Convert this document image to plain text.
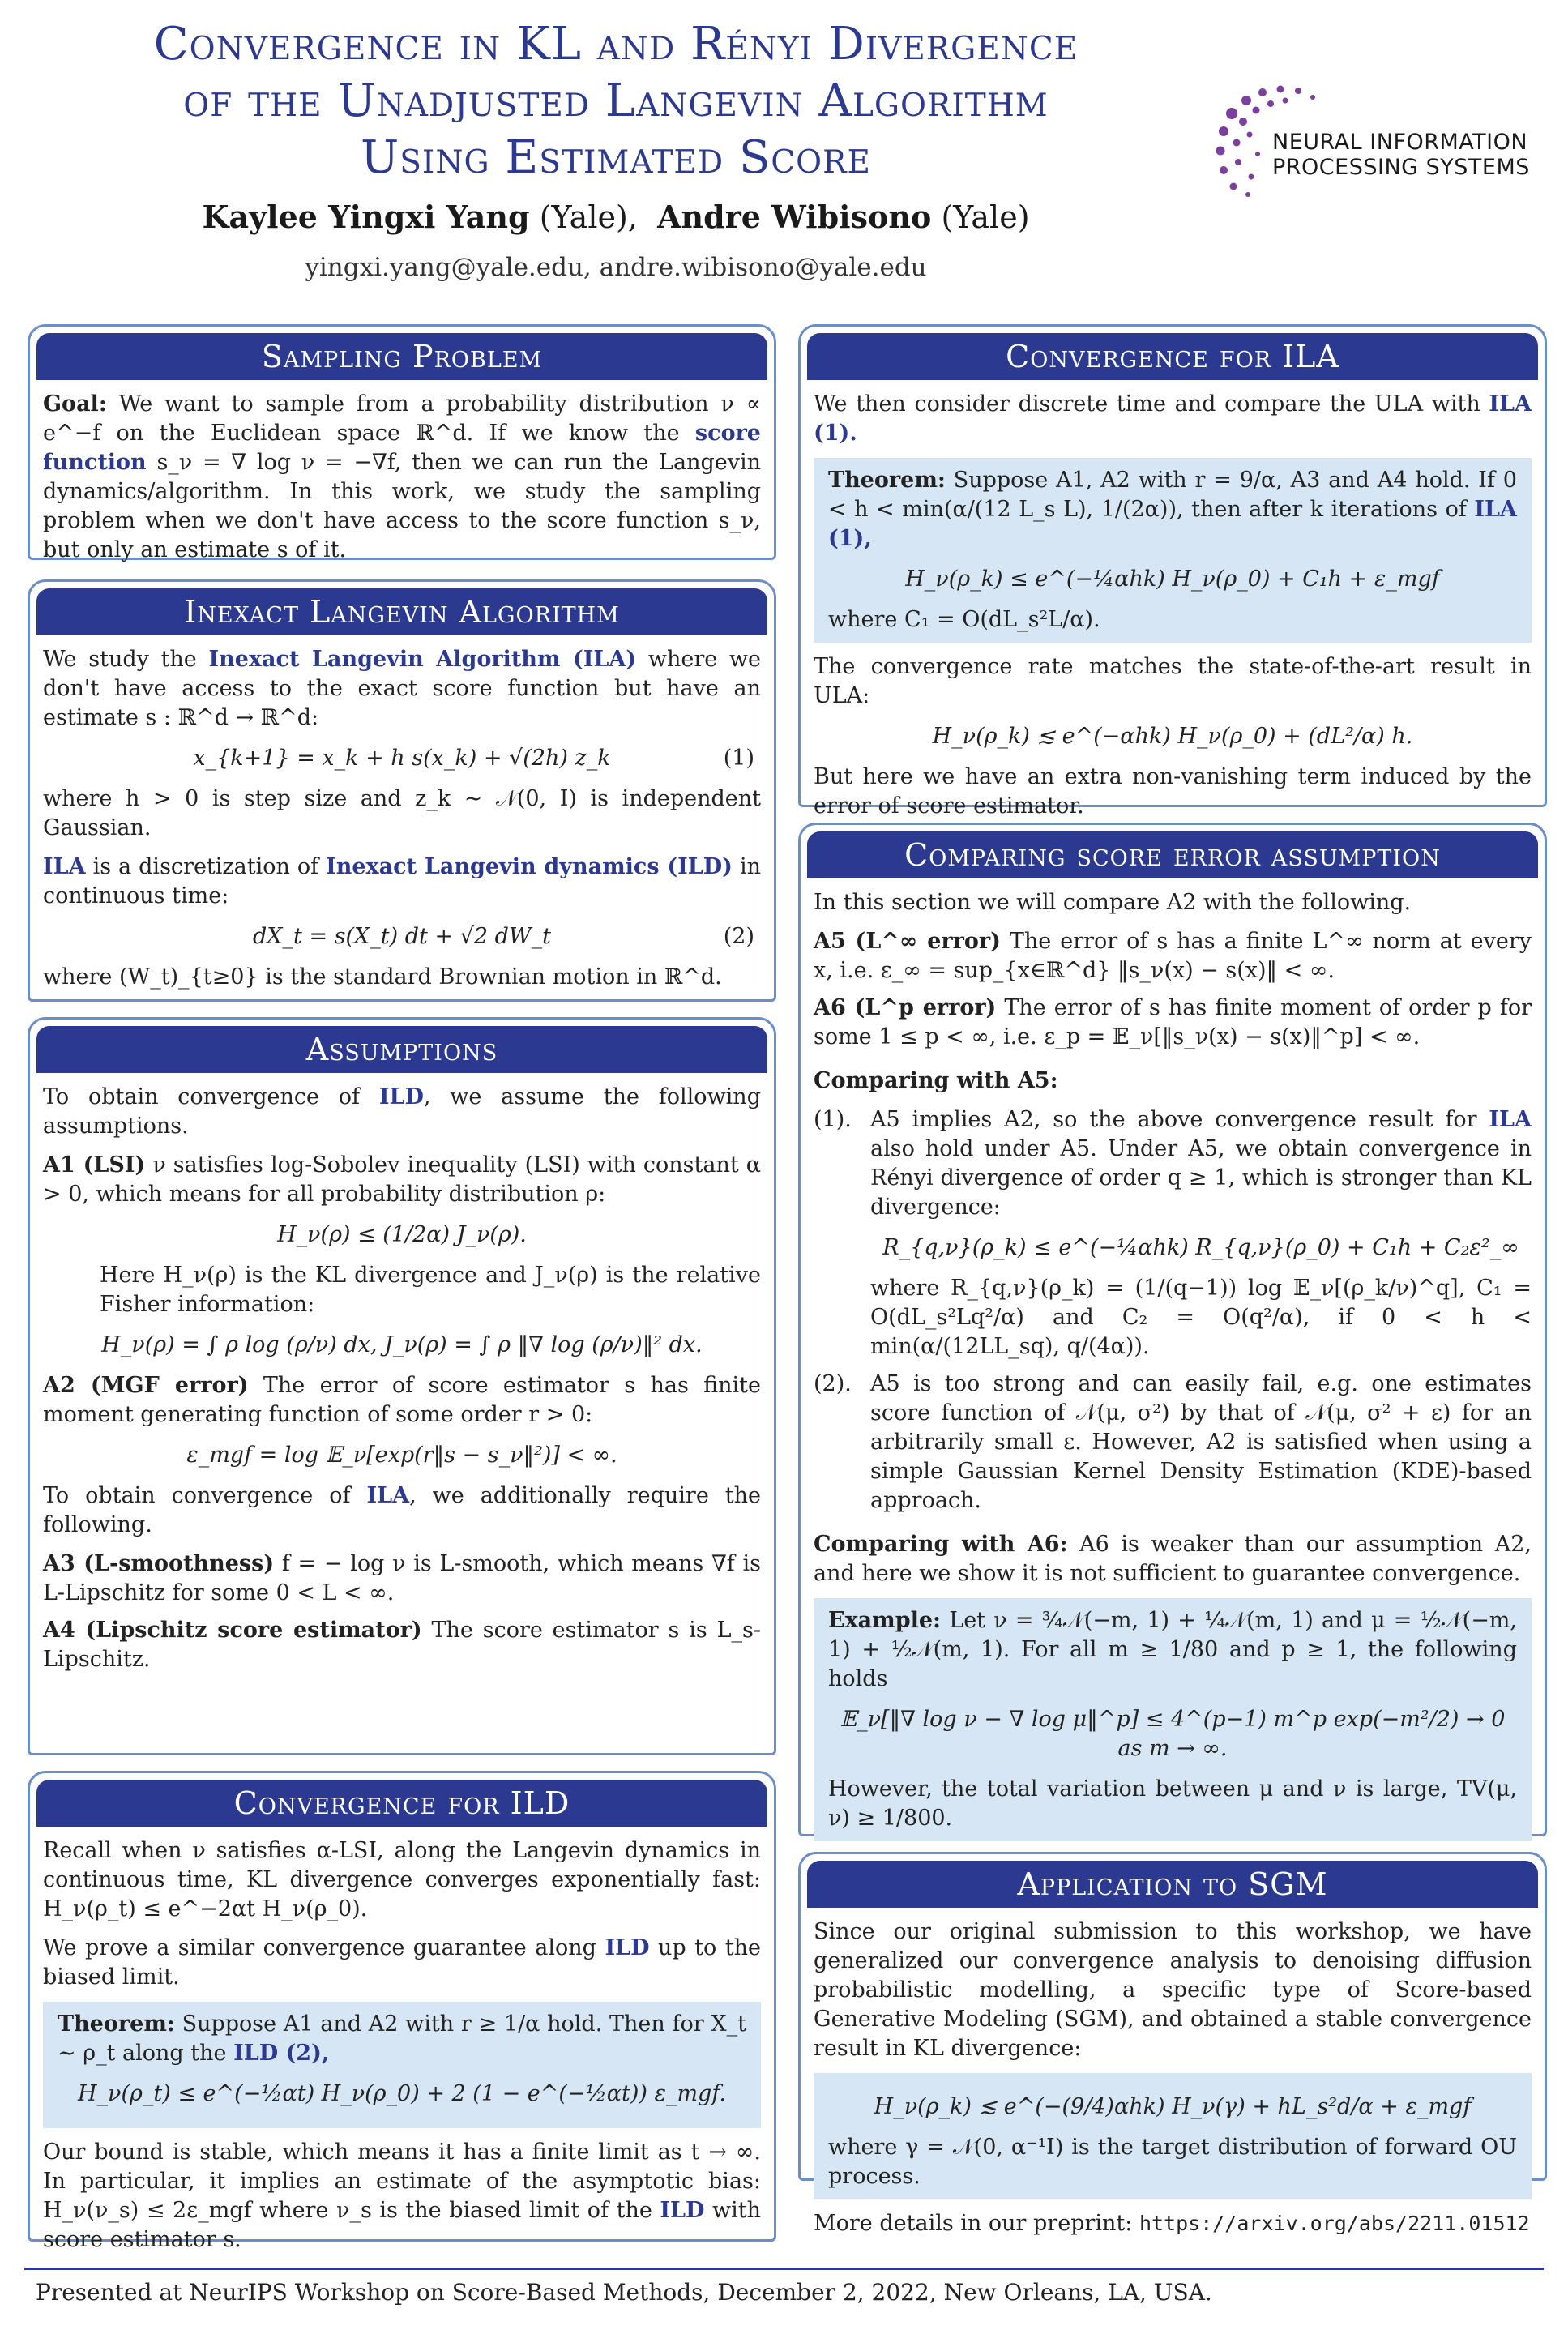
Convergence in KL and Rényi Divergence
of the Unadjusted Langevin Algorithm
Using Estimated Score
Kaylee Yingxi Yang (Yale), Andre Wibisono (Yale)
yingxi.yang@yale.edu, andre.wibisono@yale.edu
NEURAL INFORMATION
PROCESSING SYSTEMS
Sampling Problem

Goal: We want to sample from a probability distribution ν ∝ e^−f on the Euclidean space ℝ^d. If we know the score function s_ν = ∇ log ν = −∇f, then we can run the Langevin dynamics/algorithm. In this work, we study the sampling problem when we don't have access to the score function s_ν, but only an estimate s of it.

Inexact Langevin Algorithm

We study the Inexact Langevin Algorithm (ILA) where we don't have access to the exact score function but have an estimate s : ℝ^d → ℝ^d:

x_{k+1} = x_k + h s(x_k) + √(2h) z_k	(1)

where h > 0 is step size and z_k ∼ 𝒩(0, I) is independent Gaussian.

ILA is a discretization of Inexact Langevin dynamics (ILD) in continuous time:

dX_t = s(X_t) dt + √2 dW_t	(2)

where (W_t)_{t≥0} is the standard Brownian motion in ℝ^d.

Assumptions

To obtain convergence of ILD, we assume the following assumptions.

A1 (LSI) ν satisfies log-Sobolev inequality (LSI) with constant α > 0, which means for all probability distribution ρ:
H_ν(ρ) ≤ (1/2α) J_ν(ρ).
Here H_ν(ρ) is the KL divergence and J_ν(ρ) is the relative Fisher information:
H_ν(ρ) = ∫ ρ log (ρ/ν) dx, J_ν(ρ) = ∫ ρ ‖∇ log (ρ/ν)‖² dx.
A2 (MGF error) The error of score estimator s has finite moment generating function of some order r > 0:
ε_mgf = log 𝔼_ν[exp(r‖s − s_ν‖²)] < ∞.

To obtain convergence of ILA, we additionally require the following.

A3 (L-smoothness) f = − log ν is L-smooth, which means ∇f is L-Lipschitz for some 0 < L < ∞.
A4 (Lipschitz score estimator) The score estimator s is L_s-Lipschitz.
Convergence for ILD

Recall when ν satisfies α-LSI, along the Langevin dynamics in continuous time, KL divergence converges exponentially fast: H_ν(ρ_t) ≤ e^−2αt H_ν(ρ_0).

We prove a similar convergence guarantee along ILD up to the biased limit.

Theorem: Suppose A1 and A2 with r ≥ 1/α hold. Then for X_t ∼ ρ_t along the ILD (2),
H_ν(ρ_t) ≤ e^(−½αt) H_ν(ρ_0) + 2 (1 − e^(−½αt)) ε_mgf.

Our bound is stable, which means it has a finite limit as t → ∞. In particular, it implies an estimate of the asymptotic bias: H_ν(ν_s) ≤ 2ε_mgf where ν_s is the biased limit of the ILD with score estimator s.

Convergence for ILA

We then consider discrete time and compare the ULA with ILA (1).

Theorem: Suppose A1, A2 with r = 9/α, A3 and A4 hold. If 0 < h < min(α/(12 L_s L), 1/(2α)), then after k iterations of ILA (1),
H_ν(ρ_k) ≤ e^(−¼αhk) H_ν(ρ_0) + C₁h + ε_mgf
where C₁ = O(dL_s²L/α).

The convergence rate matches the state-of-the-art result in ULA:

H_ν(ρ_k) ≲ e^(−αhk) H_ν(ρ_0) + (dL²/α) h.

But here we have an extra non-vanishing term induced by the error of score estimator.

Comparing score error assumption

In this section we will compare A2 with the following.

A5 (L^∞ error) The error of s has a finite L^∞ norm at every x, i.e. ε_∞ = sup_{x∈ℝ^d} ‖s_ν(x) − s(x)‖ < ∞.
A6 (L^p error) The error of s has finite moment of order p for some 1 ≤ p < ∞, i.e. ε_p = 𝔼_ν[‖s_ν(x) − s(x)‖^p] < ∞.

Comparing with A5:

(1). A5 implies A2, so the above convergence result for ILA also hold under A5. Under A5, we obtain convergence in Rényi divergence of order q ≥ 1, which is stronger than KL divergence:
R_{q,ν}(ρ_k) ≤ e^(−¼αhk) R_{q,ν}(ρ_0) + C₁h + C₂ε²_∞
where R_{q,ν}(ρ_k) = (1/(q−1)) log 𝔼_ν[(ρ_k/ν)^q], C₁ = O(dL_s²Lq²/α) and C₂ = O(q²/α), if 0 < h < min(α/(12LL_sq), q/(4α)).
(2). A5 is too strong and can easily fail, e.g. one estimates score function of 𝒩(μ, σ²) by that of 𝒩(μ, σ² + ε) for an arbitrarily small ε. However, A2 is satisfied when using a simple Gaussian Kernel Density Estimation (KDE)-based approach.

Comparing with A6: A6 is weaker than our assumption A2, and here we show it is not sufficient to guarantee convergence.

Example: Let ν = ¾𝒩(−m, 1) + ¼𝒩(m, 1) and μ = ½𝒩(−m, 1) + ½𝒩(m, 1). For all m ≥ 1/80 and p ≥ 1, the following holds
𝔼_ν[‖∇ log ν − ∇ log μ‖^p] ≤ 4^(p−1) m^p exp(−m²/2) → 0 as m → ∞.
However, the total variation between μ and ν is large, TV(μ, ν) ≥ 1/800.
Application to SGM

Since our original submission to this workshop, we have generalized our convergence analysis to denoising diffusion probabilistic modelling, a specific type of Score-based Generative Modeling (SGM), and obtained a stable convergence result in KL divergence:

H_ν(ρ_k) ≲ e^(−(9/4)αhk) H_ν(γ) + hL_s²d/α + ε_mgf
where γ = 𝒩(0, α⁻¹I) is the target distribution of forward OU process.

More details in our preprint: https://arxiv.org/abs/2211.01512

Presented at NeurIPS Workshop on Score-Based Methods, December 2, 2022, New Orleans, LA, USA.
